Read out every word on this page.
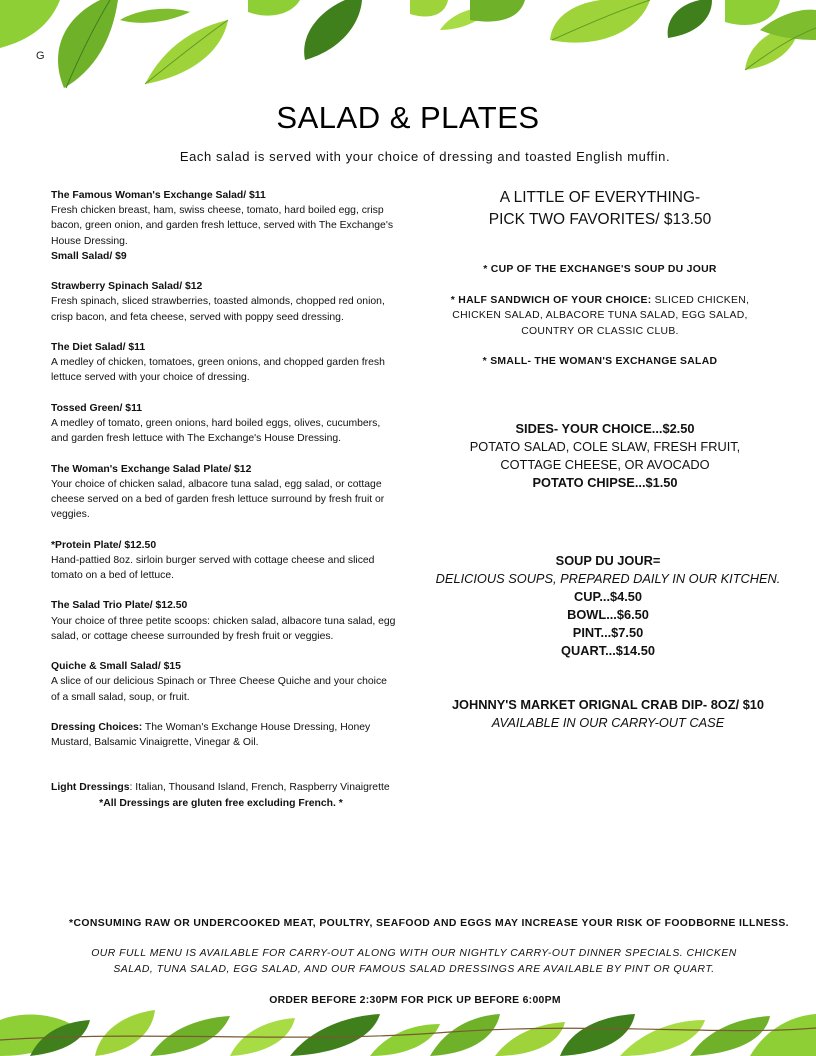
G
SALAD & PLATES
Each salad is served with your choice of dressing and toasted English muffin.
The Famous Woman's Exchange Salad/ $11
Fresh chicken breast, ham, swiss cheese, tomato, hard boiled egg, crisp bacon, green onion, and garden fresh lettuce, served with The Exchange's House Dressing.
Small Salad/ $9
Strawberry Spinach Salad/ $12
Fresh spinach, sliced strawberries, toasted almonds, chopped red onion, crisp bacon, and feta cheese, served with poppy seed dressing.
The Diet Salad/ $11
A medley of chicken, tomatoes, green onions, and chopped garden fresh lettuce served with your choice of dressing.
Tossed Green/ $11
A medley of tomato, green onions, hard boiled eggs, olives, cucumbers, and garden fresh lettuce with The Exchange's House Dressing.
The Woman's Exchange Salad Plate/ $12
Your choice of chicken salad, albacore tuna salad, egg salad, or cottage cheese served on a bed of garden fresh lettuce surround by fresh fruit or veggies.
*Protein Plate/ $12.50
Hand-pattied 8oz. sirloin burger served with cottage cheese and sliced tomato on a bed of lettuce.
The Salad Trio Plate/ $12.50
Your choice of three petite scoops: chicken salad, albacore tuna salad, egg salad, or cottage cheese surrounded by fresh fruit or veggies.
Quiche & Small Salad/ $15
A slice of our delicious Spinach or Three Cheese Quiche and your choice of a small salad, soup, or fruit.
Dressing Choices: The Woman's Exchange House Dressing, Honey Mustard, Balsamic Vinaigrette, Vinegar & Oil.
Light Dressings: Italian, Thousand Island, French, Raspberry Vinaigrette
*All Dressings are gluten free excluding French. *
A LITTLE OF EVERYTHING-
PICK TWO FAVORITES/ $13.50
* CUP OF THE EXCHANGE'S SOUP DU JOUR
* HALF SANDWICH OF YOUR CHOICE: SLICED CHICKEN, CHICKEN SALAD, ALBACORE TUNA SALAD, EGG SALAD, COUNTRY OR CLASSIC CLUB.
* SMALL- THE WOMAN'S EXCHANGE SALAD
SIDES- YOUR CHOICE...$2.50
POTATO SALAD, COLE SLAW, FRESH FRUIT,
COTTAGE CHEESE, OR AVOCADO
POTATO CHIPSE...$1.50
SOUP DU JOUR=
DELICIOUS SOUPS, PREPARED DAILY IN OUR KITCHEN.
CUP...$4.50
BOWL...$6.50
PINT...$7.50
QUART...$14.50
JOHNNY'S MARKET ORIGNAL CRAB DIP- 8OZ/ $10
AVAILABLE IN OUR CARRY-OUT CASE
*CONSUMING RAW OR UNDERCOOKED MEAT, POULTRY, SEAFOOD AND EGGS MAY INCREASE YOUR RISK OF FOODBORNE ILLNESS.
OUR FULL MENU IS AVAILABLE FOR CARRY-OUT ALONG WITH OUR NIGHTLY CARRY-OUT DINNER SPECIALS. CHICKEN SALAD, TUNA SALAD, EGG SALAD, AND OUR FAMOUS SALAD DRESSINGS ARE AVAILABLE BY PINT OR QUART.
ORDER BEFORE 2:30PM FOR PICK UP BEFORE 6:00PM
